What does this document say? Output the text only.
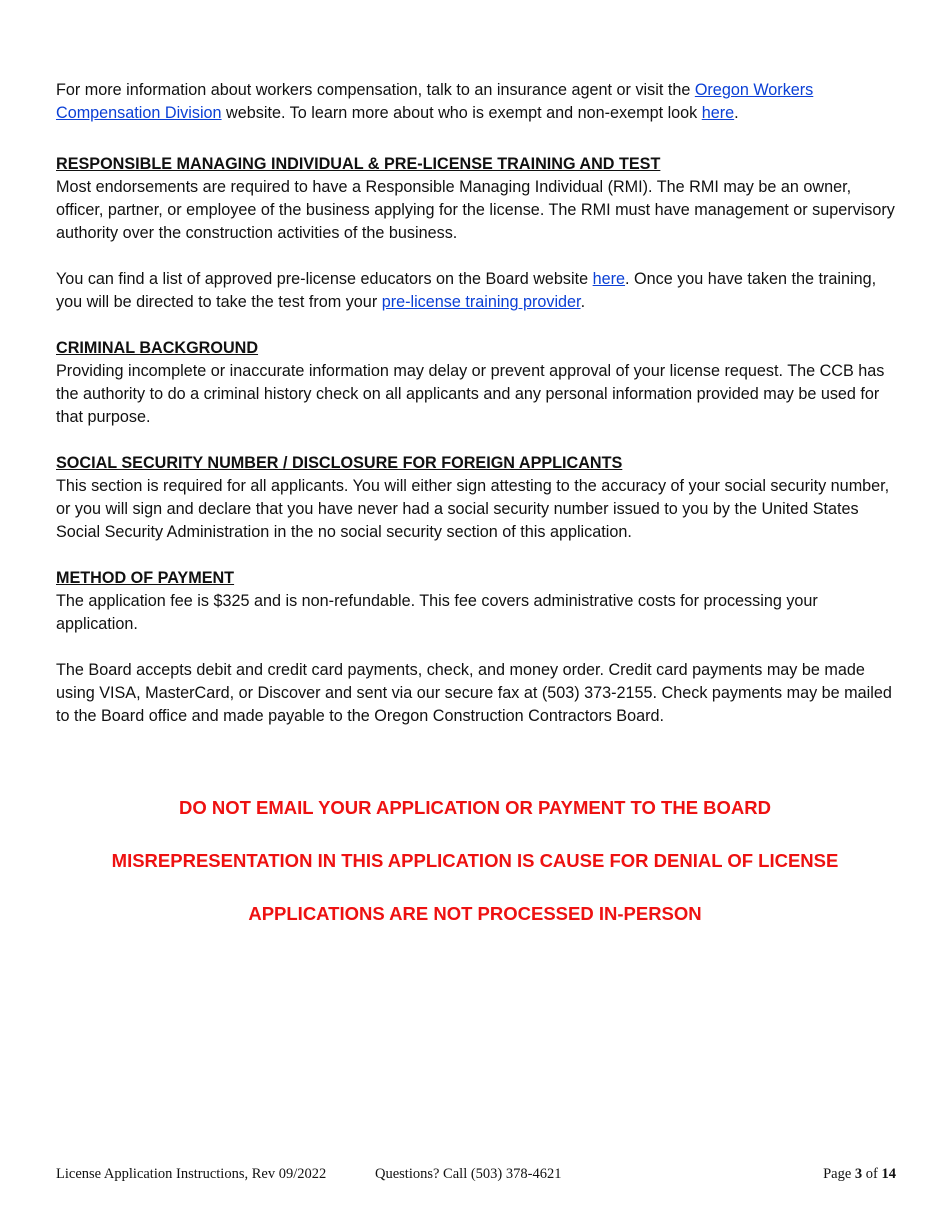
For more information about workers compensation, talk to an insurance agent or visit the Oregon Workers Compensation Division website. To learn more about who is exempt and non-exempt look here.

RESPONSIBLE MANAGING INDIVIDUAL & PRE-LICENSE TRAINING AND TEST

Most endorsements are required to have a Responsible Managing Individual (RMI). The RMI may be an owner, officer, partner, or employee of the business applying for the license. The RMI must have management or supervisory authority over the construction activities of the business.

You can find a list of approved pre-license educators on the Board website here. Once you have taken the training, you will be directed to take the test from your pre-license training provider.

CRIMINAL BACKGROUND

Providing incomplete or inaccurate information may delay or prevent approval of your license request. The CCB has the authority to do a criminal history check on all applicants and any personal information provided may be used for that purpose.

SOCIAL SECURITY NUMBER / DISCLOSURE FOR FOREIGN APPLICANTS

This section is required for all applicants. You will either sign attesting to the accuracy of your social security number, or you will sign and declare that you have never had a social security number issued to you by the United States Social Security Administration in the no social security section of this application.

METHOD OF PAYMENT

The application fee is $325 and is non-refundable. This fee covers administrative costs for processing your application.

The Board accepts debit and credit card payments, check, and money order. Credit card payments may be made using VISA, MasterCard, or Discover and sent via our secure fax at (503) 373-2155. Check payments may be mailed to the Board office and made payable to the Oregon Construction Contractors Board.

DO NOT EMAIL YOUR APPLICATION OR PAYMENT TO THE BOARD

MISREPRESENTATION IN THIS APPLICATION IS CAUSE FOR DENIAL OF LICENSE

APPLICATIONS ARE NOT PROCESSED IN-PERSON

License Application Instructions, Rev 09/2022	Questions? Call (503) 378-4621	Page 3 of 14
